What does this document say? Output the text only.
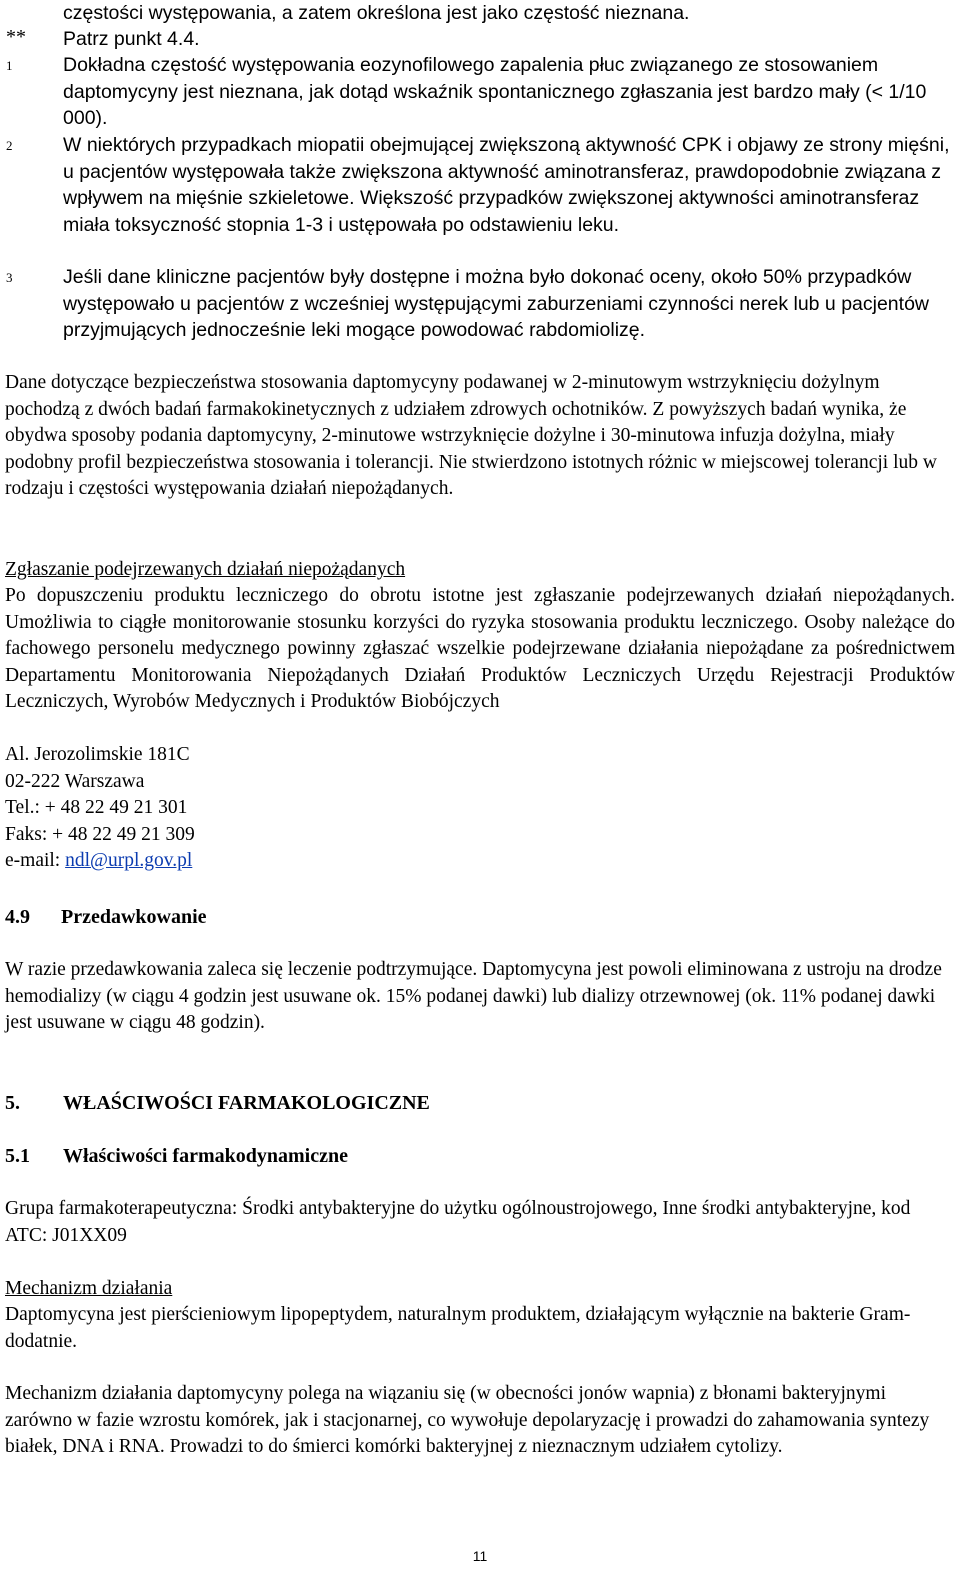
częstości występowania, a zatem określona jest jako częstość nieznana.
** Patrz punkt 4.4.
1	Dokładna częstość występowania eozynofilowego zapalenia płuc związanego ze stosowaniem daptomycyny jest nieznana, jak dotąd wskaźnik spontanicznego zgłaszania jest bardzo mały (< 1/10 000).
2	W niektórych przypadkach miopatii obejmującej zwiększoną aktywność CPK i objawy ze strony mięśni, u pacjentów występowała także zwiększona aktywność aminotransferaz, prawdopodobnie związana z wpływem na mięśnie szkieletowe. Większość przypadków zwiększonej aktywności aminotransferaz miała toksyczność stopnia 1-3 i ustępowała po odstawieniu leku.
3	Jeśli dane kliniczne pacjentów były dostępne i można było dokonać oceny, około 50% przypadków występowało u pacjentów z wcześniej występującymi zaburzeniami czynności nerek lub u pacjentów przyjmujących jednocześnie leki mogące powodować rabdomiolizę.
Dane dotyczące bezpieczeństwa stosowania daptomycyny podawanej w 2-minutowym wstrzyknięciu dożylnym pochodzą z dwóch badań farmakokinetycznych z udziałem zdrowych ochotników. Z powyższych badań wynika, że obydwa sposoby podania daptomycyny, 2-minutowe wstrzyknięcie dożylne i 30-minutowa infuzja dożylna, miały podobny profil bezpieczeństwa stosowania i tolerancji. Nie stwierdzono istotnych różnic w miejscowej tolerancji lub w rodzaju i częstości występowania działań niepożądanych.
Zgłaszanie podejrzewanych działań niepożądanych
Po dopuszczeniu produktu leczniczego do obrotu istotne jest zgłaszanie podejrzewanych działań niepożądanych. Umożliwia to ciągłe monitorowanie stosunku korzyści do ryzyka stosowania produktu leczniczego. Osoby należące do fachowego personelu medycznego powinny zgłaszać wszelkie podejrzewane działania niepożądane za pośrednictwem Departamentu Monitorowania Niepożądanych Działań Produktów Leczniczych Urzędu Rejestracji Produktów Leczniczych, Wyrobów Medycznych i Produktów Biobójczych
Al. Jerozolimskie 181C
02-222 Warszawa
Tel.: + 48 22 49 21 301
Faks: + 48 22 49 21 309
e-mail: ndl@urpl.gov.pl
4.9 Przedawkowanie
W razie przedawkowania zaleca się leczenie podtrzymujące. Daptomycyna jest powoli eliminowana z ustroju na drodze hemodializy (w ciągu 4 godzin jest usuwane ok. 15% podanej dawki) lub dializy otrzewnowej (ok. 11% podanej dawki jest usuwane w ciągu 48 godzin).
5. WŁAŚCIWOŚCI FARMAKOLOGICZNE
5.1 Właściwości farmakodynamiczne
Grupa farmakoterapeutyczna: Środki antybakteryjne do użytku ogólnoustrojowego, Inne środki antybakteryjne, kod ATC: J01XX09
Mechanizm działania
Daptomycyna jest pierścieniowym lipopeptydem, naturalnym produktem, działającym wyłącznie na bakterie Gram-dodatnie.
Mechanizm działania daptomycyny polega na wiązaniu się (w obecności jonów wapnia) z błonami bakteryjnymi zarówno w fazie wzrostu komórek, jak i stacjonarnej, co wywołuje depolaryzację i prowadzi do zahamowania syntezy białek, DNA i RNA. Prowadzi to do śmierci komórki bakteryjnej z nieznacznym udziałem cytolizy.
11
